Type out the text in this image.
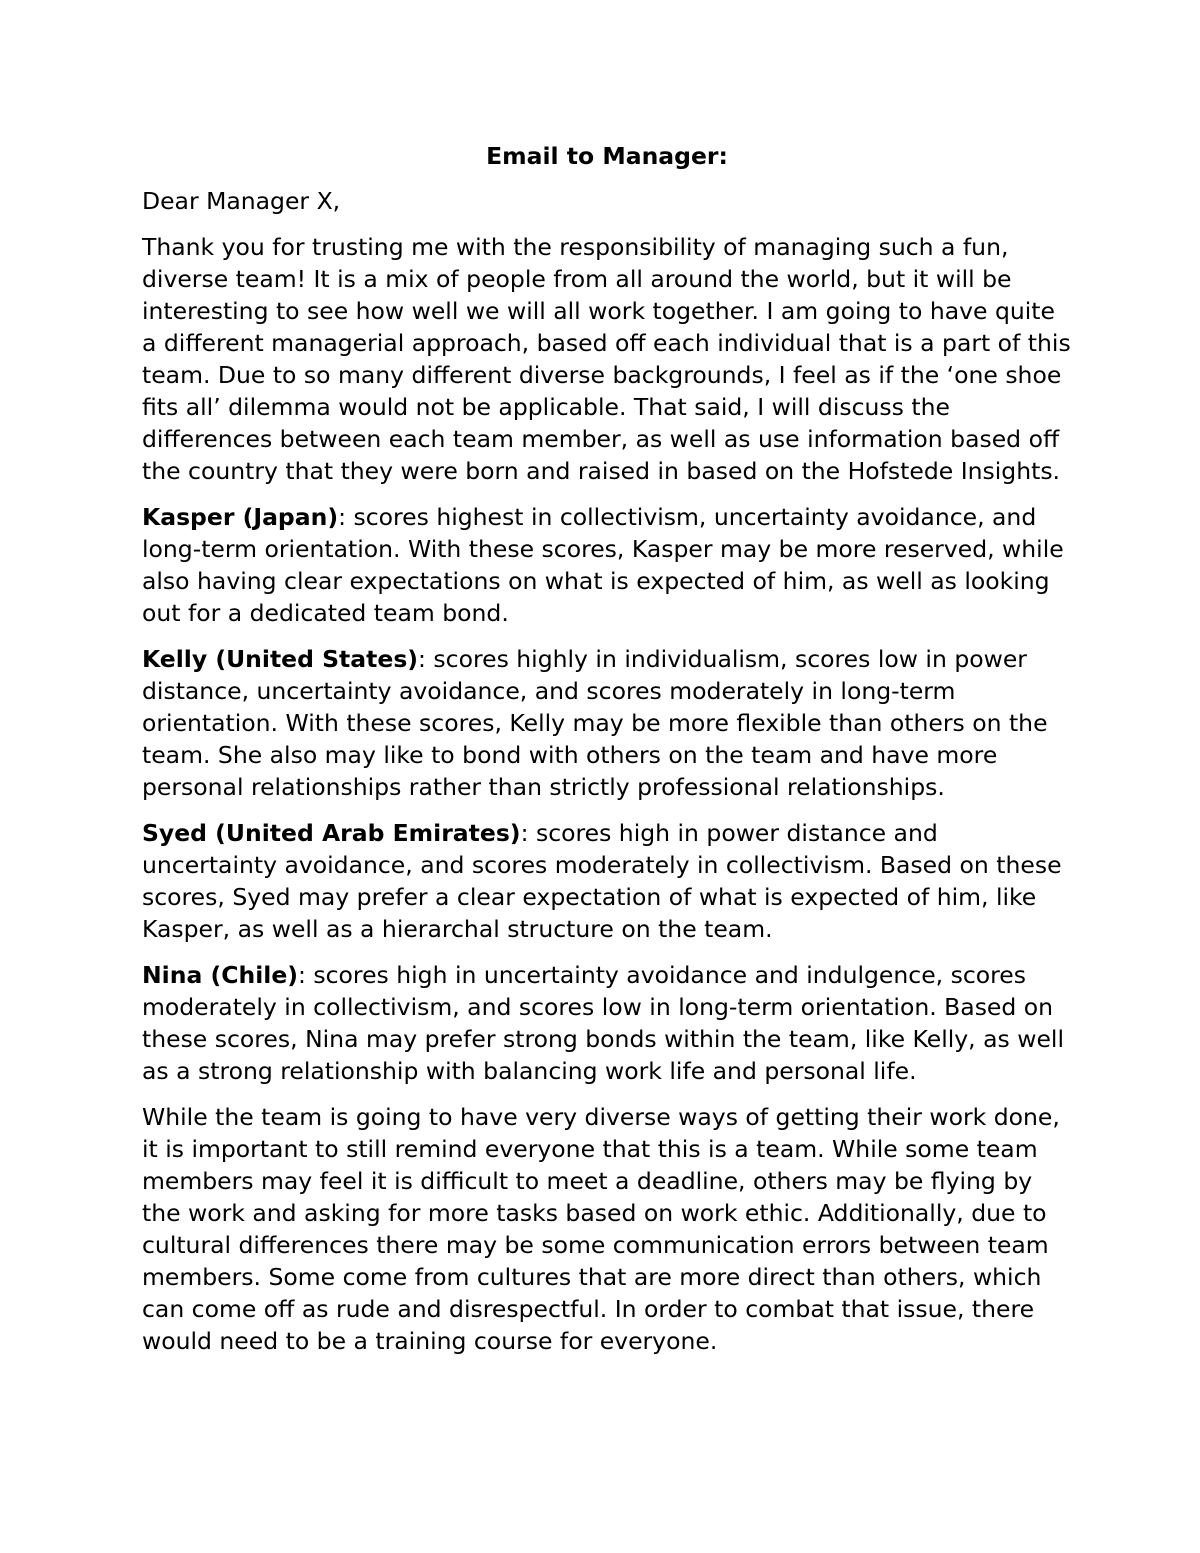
Email to Manager:

Dear Manager X,

Thank you for trusting me with the responsibility of managing such a fun, diverse team! It is a mix of people from all around the world, but it will be interesting to see how well we will all work together. I am going to have quite a different managerial approach, based off each individual that is a part of this team. Due to so many different diverse backgrounds, I feel as if the ‘one shoe fits all’ dilemma would not be applicable. That said, I will discuss the differences between each team member, as well as use information based off the country that they were born and raised in based on the Hofstede Insights.

Kasper (Japan): scores highest in collectivism, uncertainty avoidance, and long-term orientation. With these scores, Kasper may be more reserved, while also having clear expectations on what is expected of him, as well as looking out for a dedicated team bond.

Kelly (United States): scores highly in individualism, scores low in power distance, uncertainty avoidance, and scores moderately in long-term orientation. With these scores, Kelly may be more flexible than others on the team. She also may like to bond with others on the team and have more personal relationships rather than strictly professional relationships.

Syed (United Arab Emirates): scores high in power distance and uncertainty avoidance, and scores moderately in collectivism. Based on these scores, Syed may prefer a clear expectation of what is expected of him, like Kasper, as well as a hierarchal structure on the team.

Nina (Chile): scores high in uncertainty avoidance and indulgence, scores moderately in collectivism, and scores low in long-term orientation. Based on these scores, Nina may prefer strong bonds within the team, like Kelly, as well as a strong relationship with balancing work life and personal life.

While the team is going to have very diverse ways of getting their work done, it is important to still remind everyone that this is a team. While some team members may feel it is difficult to meet a deadline, others may be flying by the work and asking for more tasks based on work ethic. Additionally, due to cultural differences there may be some communication errors between team members. Some come from cultures that are more direct than others, which can come off as rude and disrespectful. In order to combat that issue, there would need to be a training course for everyone.
